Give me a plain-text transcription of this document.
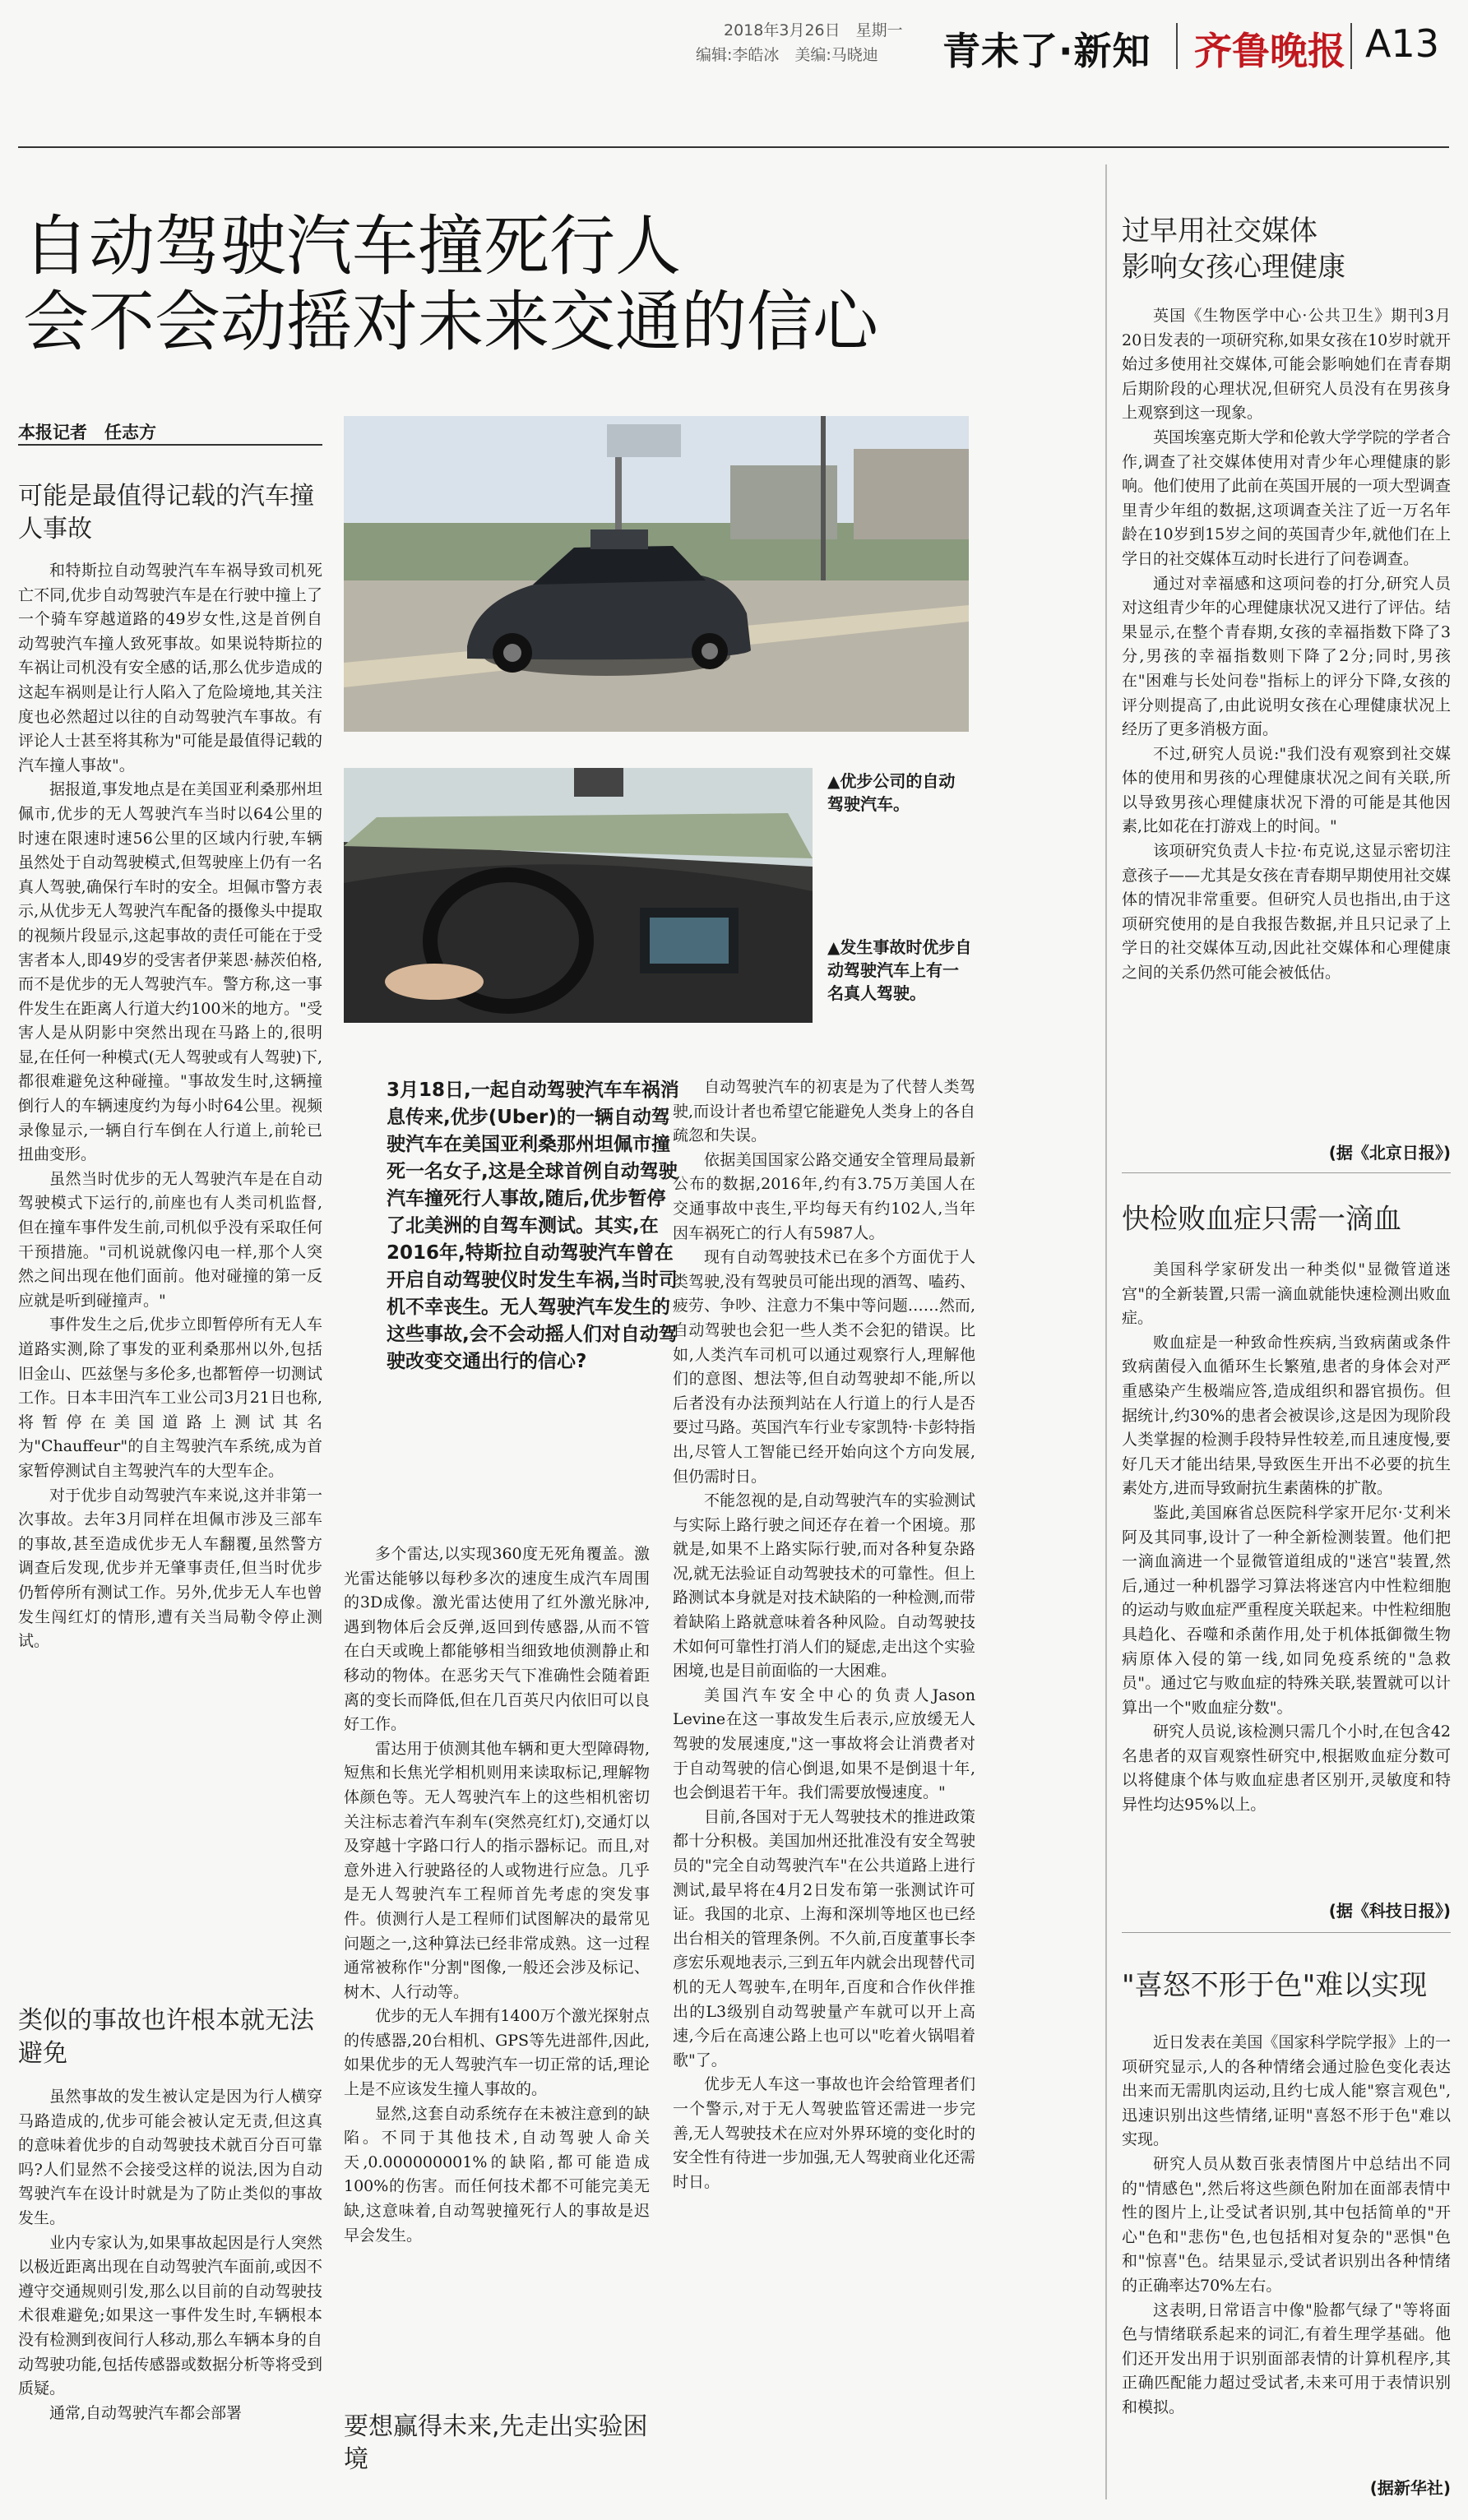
2018年3月26日　星期一
编辑:李皓冰　美编:马晓迪 青未了·新知 齐鲁晚报 A13
自动驾驶汽车撞死行人
会不会动摇对未来交通的信心
本报记者　任志方
可能是最值得记载的汽车撞人事故

和特斯拉自动驾驶汽车车祸导致司机死亡不同,优步自动驾驶汽车是在行驶中撞上了一个骑车穿越道路的49岁女性,这是首例自动驾驶汽车撞人致死事故。如果说特斯拉的车祸让司机没有安全感的话,那么优步造成的这起车祸则是让行人陷入了危险境地,其关注度也必然超过以往的自动驾驶汽车事故。有评论人士甚至将其称为"可能是最值得记载的汽车撞人事故"。

据报道,事发地点是在美国亚利桑那州坦佩市,优步的无人驾驶汽车当时以64公里的时速在限速时速56公里的区域内行驶,车辆虽然处于自动驾驶模式,但驾驶座上仍有一名真人驾驶,确保行车时的安全。坦佩市警方表示,从优步无人驾驶汽车配备的摄像头中提取的视频片段显示,这起事故的责任可能在于受害者本人,即49岁的受害者伊莱恩·赫茨伯格,而不是优步的无人驾驶汽车。警方称,这一事件发生在距离人行道大约100米的地方。"受害人是从阴影中突然出现在马路上的,很明显,在任何一种模式(无人驾驶或有人驾驶)下,都很难避免这种碰撞。"事故发生时,这辆撞倒行人的车辆速度约为每小时64公里。视频录像显示,一辆自行车倒在人行道上,前轮已扭曲变形。

虽然当时优步的无人驾驶汽车是在自动驾驶模式下运行的,前座也有人类司机监督,但在撞车事件发生前,司机似乎没有采取任何干预措施。"司机说就像闪电一样,那个人突然之间出现在他们面前。他对碰撞的第一反应就是听到碰撞声。"

事件发生之后,优步立即暂停所有无人车道路实测,除了事发的亚利桑那州以外,包括旧金山、匹兹堡与多伦多,也都暂停一切测试工作。日本丰田汽车工业公司3月21日也称,将暂停在美国道路上测试其名为"Chauffeur"的自主驾驶汽车系统,成为首家暂停测试自主驾驶汽车的大型车企。

对于优步自动驾驶汽车来说,这并非第一次事故。去年3月同样在坦佩市涉及三部车的事故,甚至造成优步无人车翻覆,虽然警方调查后发现,优步并无肇事责任,但当时优步仍暂停所有测试工作。另外,优步无人车也曾发生闯红灯的情形,遭有关当局勒令停止测试。

类似的事故也许根本就无法避免

虽然事故的发生被认定是因为行人横穿马路造成的,优步可能会被认定无责,但这真的意味着优步的自动驾驶技术就百分百可靠吗?人们显然不会接受这样的说法,因为自动驾驶汽车在设计时就是为了防止类似的事故发生。

业内专家认为,如果事故起因是行人突然以极近距离出现在自动驾驶汽车面前,或因不遵守交通规则引发,那么以目前的自动驾驶技术很难避免;如果这一事件发生时,车辆根本没有检测到夜间行人移动,那么车辆本身的自动驾驶功能,包括传感器或数据分析等将受到质疑。

通常,自动驾驶汽车都会部署

▲优步公司的自动驾驶汽车。
▲发生事故时优步自动驾驶汽车上有一名真人驾驶。
3月18日,一起自动驾驶汽车车祸消息传来,优步(Uber)的一辆自动驾驶汽车在美国亚利桑那州坦佩市撞死一名女子,这是全球首例自动驾驶汽车撞死行人事故,随后,优步暂停了北美洲的自驾车测试。其实,在2016年,特斯拉自动驾驶汽车曾在开启自动驾驶仪时发生车祸,当时司机不幸丧生。无人驾驶汽车发生的这些事故,会不会动摇人们对自动驾驶改变交通出行的信心?

多个雷达,以实现360度无死角覆盖。激光雷达能够以每秒多次的速度生成汽车周围的3D成像。激光雷达使用了红外激光脉冲,遇到物体后会反弹,返回到传感器,从而不管在白天或晚上都能够相当细致地侦测静止和移动的物体。在恶劣天气下准确性会随着距离的变长而降低,但在几百英尺内依旧可以良好工作。

雷达用于侦测其他车辆和更大型障碍物,短焦和长焦光学相机则用来读取标记,理解物体颜色等。无人驾驶汽车上的这些相机密切关注标志着汽车刹车(突然亮红灯),交通灯以及穿越十字路口行人的指示器标记。而且,对意外进入行驶路径的人或物进行应急。几乎是无人驾驶汽车工程师首先考虑的突发事件。侦测行人是工程师们试图解决的最常见问题之一,这种算法已经非常成熟。这一过程通常被称作"分割"图像,一般还会涉及标记、树木、人行动等。

优步的无人车拥有1400万个激光探射点的传感器,20台相机、GPS等先进部件,因此,如果优步的无人驾驶汽车一切正常的话,理论上是不应该发生撞人事故的。

显然,这套自动系统存在未被注意到的缺陷。不同于其他技术,自动驾驶人命关天,0.000000001%的缺陷,都可能造成100%的伤害。而任何技术都不可能完美无缺,这意味着,自动驾驶撞死行人的事故是迟早会发生。

要想赢得未来,先走出实验困境

自动驾驶汽车的初衷是为了代替人类驾驶,而设计者也希望它能避免人类身上的各自疏忽和失误。

依据美国国家公路交通安全管理局最新公布的数据,2016年,约有3.75万美国人在交通事故中丧生,平均每天有约102人,当年因车祸死亡的行人有5987人。

现有自动驾驶技术已在多个方面优于人类驾驶,没有驾驶员可能出现的酒驾、嗑药、疲劳、争吵、注意力不集中等问题……然而,自动驾驶也会犯一些人类不会犯的错误。比如,人类汽车司机可以通过观察行人,理解他们的意图、想法等,但自动驾驶却不能,所以后者没有办法预判站在人行道上的行人是否要过马路。英国汽车行业专家凯特·卡彭特指出,尽管人工智能已经开始向这个方向发展,但仍需时日。

不能忽视的是,自动驾驶汽车的实验测试与实际上路行驶之间还存在着一个困境。那就是,如果不上路实际行驶,而对各种复杂路况,就无法验证自动驾驶技术的可靠性。但上路测试本身就是对技术缺陷的一种检测,而带着缺陷上路就意味着各种风险。自动驾驶技术如何可靠性打消人们的疑虑,走出这个实验困境,也是目前面临的一大困难。

美国汽车安全中心的负责人Jason Levine在这一事故发生后表示,应放缓无人驾驶的发展速度,"这一事故将会让消费者对于自动驾驶的信心倒退,如果不是倒退十年,也会倒退若干年。我们需要放慢速度。"

目前,各国对于无人驾驶技术的推进政策都十分积极。美国加州还批准没有安全驾驶员的"完全自动驾驶汽车"在公共道路上进行测试,最早将在4月2日发布第一张测试许可证。我国的北京、上海和深圳等地区也已经出台相关的管理条例。不久前,百度董事长李彦宏乐观地表示,三到五年内就会出现替代司机的无人驾驶车,在明年,百度和合作伙伴推出的L3级别自动驾驶量产车就可以开上高速,今后在高速公路上也可以"吃着火锅唱着歌"了。

优步无人车这一事故也许会给管理者们一个警示,对于无人驾驶监管还需进一步完善,无人驾驶技术在应对外界环境的变化时的安全性有待进一步加强,无人驾驶商业化还需时日。

过早用社交媒体
影响女孩心理健康

英国《生物医学中心·公共卫生》期刊3月20日发表的一项研究称,如果女孩在10岁时就开始过多使用社交媒体,可能会影响她们在青春期后期阶段的心理状况,但研究人员没有在男孩身上观察到这一现象。

英国埃塞克斯大学和伦敦大学学院的学者合作,调查了社交媒体使用对青少年心理健康的影响。他们使用了此前在英国开展的一项大型调查里青少年组的数据,这项调查关注了近一万名年龄在10岁到15岁之间的英国青少年,就他们在上学日的社交媒体互动时长进行了问卷调查。

通过对幸福感和这项问卷的打分,研究人员对这组青少年的心理健康状况又进行了评估。结果显示,在整个青春期,女孩的幸福指数下降了3分,男孩的幸福指数则下降了2分;同时,男孩在"困难与长处问卷"指标上的评分下降,女孩的评分则提高了,由此说明女孩在心理健康状况上经历了更多消极方面。

不过,研究人员说:"我们没有观察到社交媒体的使用和男孩的心理健康状况之间有关联,所以导致男孩心理健康状况下滑的可能是其他因素,比如花在打游戏上的时间。"

该项研究负责人卡拉·布克说,这显示密切注意孩子——尤其是女孩在青春期早期使用社交媒体的情况非常重要。但研究人员也指出,由于这项研究使用的是自我报告数据,并且只记录了上学日的社交媒体互动,因此社交媒体和心理健康之间的关系仍然可能会被低估。

(据《北京日报》)
快检败血症只需一滴血

美国科学家研发出一种类似"显微管道迷宫"的全新装置,只需一滴血就能快速检测出败血症。

败血症是一种致命性疾病,当致病菌或条件致病菌侵入血循环生长繁殖,患者的身体会对严重感染产生极端应答,造成组织和器官损伤。但据统计,约30%的患者会被误诊,这是因为现阶段人类掌握的检测手段特异性较差,而且速度慢,要好几天才能出结果,导致医生开出不必要的抗生素处方,进而导致耐抗生素菌株的扩散。

鉴此,美国麻省总医院科学家开尼尔·艾利米阿及其同事,设计了一种全新检测装置。他们把一滴血滴进一个显微管道组成的"迷宫"装置,然后,通过一种机器学习算法将迷宫内中性粒细胞的运动与败血症严重程度关联起来。中性粒细胞具趋化、吞噬和杀菌作用,处于机体抵御微生物病原体入侵的第一线,如同免疫系统的"急救员"。通过它与败血症的特殊关联,装置就可以计算出一个"败血症分数"。

研究人员说,该检测只需几个小时,在包含42名患者的双盲观察性研究中,根据败血症分数可以将健康个体与败血症患者区别开,灵敏度和特异性均达95%以上。

(据《科技日报》)
"喜怒不形于色"难以实现

近日发表在美国《国家科学院学报》上的一项研究显示,人的各种情绪会通过脸色变化表达出来而无需肌肉运动,且约七成人能"察言观色",迅速识别出这些情绪,证明"喜怒不形于色"难以实现。

研究人员从数百张表情图片中总结出不同的"情感色",然后将这些颜色附加在面部表情中性的图片上,让受试者识别,其中包括简单的"开心"色和"悲伤"色,也包括相对复杂的"恶惧"色和"惊喜"色。结果显示,受试者识别出各种情绪的正确率达70%左右。

这表明,日常语言中像"脸都气绿了"等将面色与情绪联系起来的词汇,有着生理学基础。他们还开发出用于识别面部表情的计算机程序,其正确匹配能力超过受试者,未来可用于表情识别和模拟。

(据新华社)
